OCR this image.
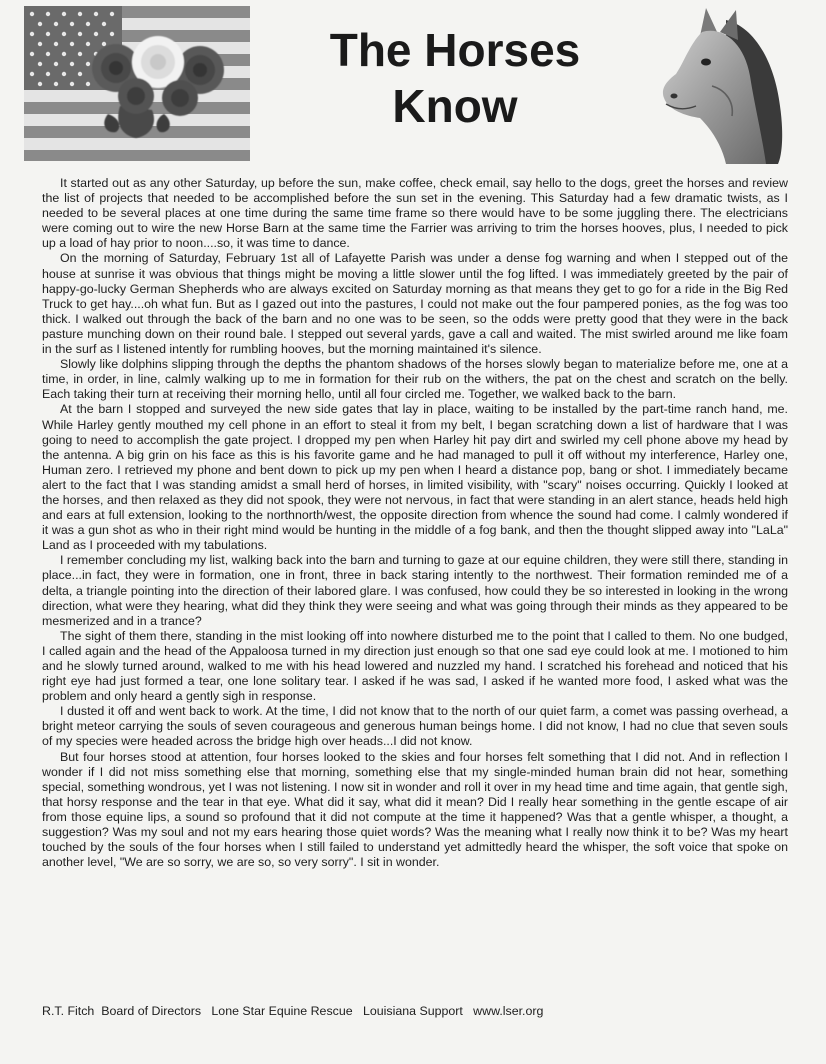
The Horses
Know

It started out as any other Saturday, up before the sun, make coffee, check email, say hello to the dogs, greet the horses and review the list of projects that needed to be accomplished before the sun set in the evening. This Saturday had a few dramatic twists, as I needed to be several places at one time during the same time frame so there would have to be some juggling there. The electricians were coming out to wire the new Horse Barn at the same time the Farrier was arriving to trim the horses hooves, plus, I needed to pick up a load of hay prior to noon....so, it was time to dance.

On the morning of Saturday, February 1st all of Lafayette Parish was under a dense fog warning and when I stepped out of the house at sunrise it was obvious that things might be moving a little slower until the fog lifted. I was immediately greeted by the pair of happy-go-lucky German Shepherds who are always excited on Saturday morning as that means they get to go for a ride in the Big Red Truck to get hay....oh what fun. But as I gazed out into the pastures, I could not make out the four pampered ponies, as the fog was too thick. I walked out through the back of the barn and no one was to be seen, so the odds were pretty good that they were in the back pasture munching down on their round bale. I stepped out several yards, gave a call and waited. The mist swirled around me like foam in the surf as I listened intently for rumbling hooves, but the morning maintained it's silence.

Slowly like dolphins slipping through the depths the phantom shadows of the horses slowly began to materialize before me, one at a time, in order, in line, calmly walking up to me in formation for their rub on the withers, the pat on the chest and scratch on the belly. Each taking their turn at receiving their morning hello, until all four circled me. Together, we walked back to the barn.

At the barn I stopped and surveyed the new side gates that lay in place, waiting to be installed by the part-time ranch hand, me. While Harley gently mouthed my cell phone in an effort to steal it from my belt, I began scratching down a list of hardware that I was going to need to accomplish the gate project. I dropped my pen when Harley hit pay dirt and swirled my cell phone above my head by the antenna. A big grin on his face as this is his favorite game and he had managed to pull it off without my interference, Harley one, Human zero. I retrieved my phone and bent down to pick up my pen when I heard a distance pop, bang or shot. I immediately became alert to the fact that I was standing amidst a small herd of horses, in limited visibility, with "scary" noises occurring. Quickly I looked at the horses, and then relaxed as they did not spook, they were not nervous, in fact that were standing in an alert stance, heads held high and ears at full extension, looking to the northnorth/west, the opposite direction from whence the sound had come. I calmly wondered if it was a gun shot as who in their right mind would be hunting in the middle of a fog bank, and then the thought slipped away into "LaLa" Land as I proceeded with my tabulations.

I remember concluding my list, walking back into the barn and turning to gaze at our equine children, they were still there, standing in place...in fact, they were in formation, one in front, three in back staring intently to the northwest. Their formation reminded me of a delta, a triangle pointing into the direction of their labored glare. I was confused, how could they be so interested in looking in the wrong direction, what were they hearing, what did they think they were seeing and what was going through their minds as they appeared to be mesmerized and in a trance?

The sight of them there, standing in the mist looking off into nowhere disturbed me to the point that I called to them. No one budged, I called again and the head of the Appaloosa turned in my direction just enough so that one sad eye could look at me. I motioned to him and he slowly turned around, walked to me with his head lowered and nuzzled my hand. I scratched his forehead and noticed that his right eye had just formed a tear, one lone solitary tear. I asked if he was sad, I asked if he wanted more food, I asked what was the problem and only heard a gently sigh in response.

I dusted it off and went back to work. At the time, I did not know that to the north of our quiet farm, a comet was passing overhead, a bright meteor carrying the souls of seven courageous and generous human beings home. I did not know, I had no clue that seven souls of my species were headed across the bridge high over heads...I did not know.

But four horses stood at attention, four horses looked to the skies and four horses felt something that I did not. And in reflection I wonder if I did not miss something else that morning, something else that my single-minded human brain did not hear, something special, something wondrous, yet I was not listening. I now sit in wonder and roll it over in my head time and time again, that gentle sigh, that horsy response and the tear in that eye. What did it say, what did it mean? Did I really hear something in the gentle escape of air from those equine lips, a sound so profound that it did not compute at the time it happened? Was that a gentle whisper, a thought, a suggestion? Was my soul and not my ears hearing those quiet words? Was the meaning what I really now think it to be? Was my heart touched by the souls of the four horses when I still failed to understand yet admittedly heard the whisper, the soft voice that spoke on another level, "We are so sorry, we are so, so very sorry". I sit in wonder.

R.T. Fitch Board of Directors Lone Star Equine Rescue Louisiana Support www.lser.org
